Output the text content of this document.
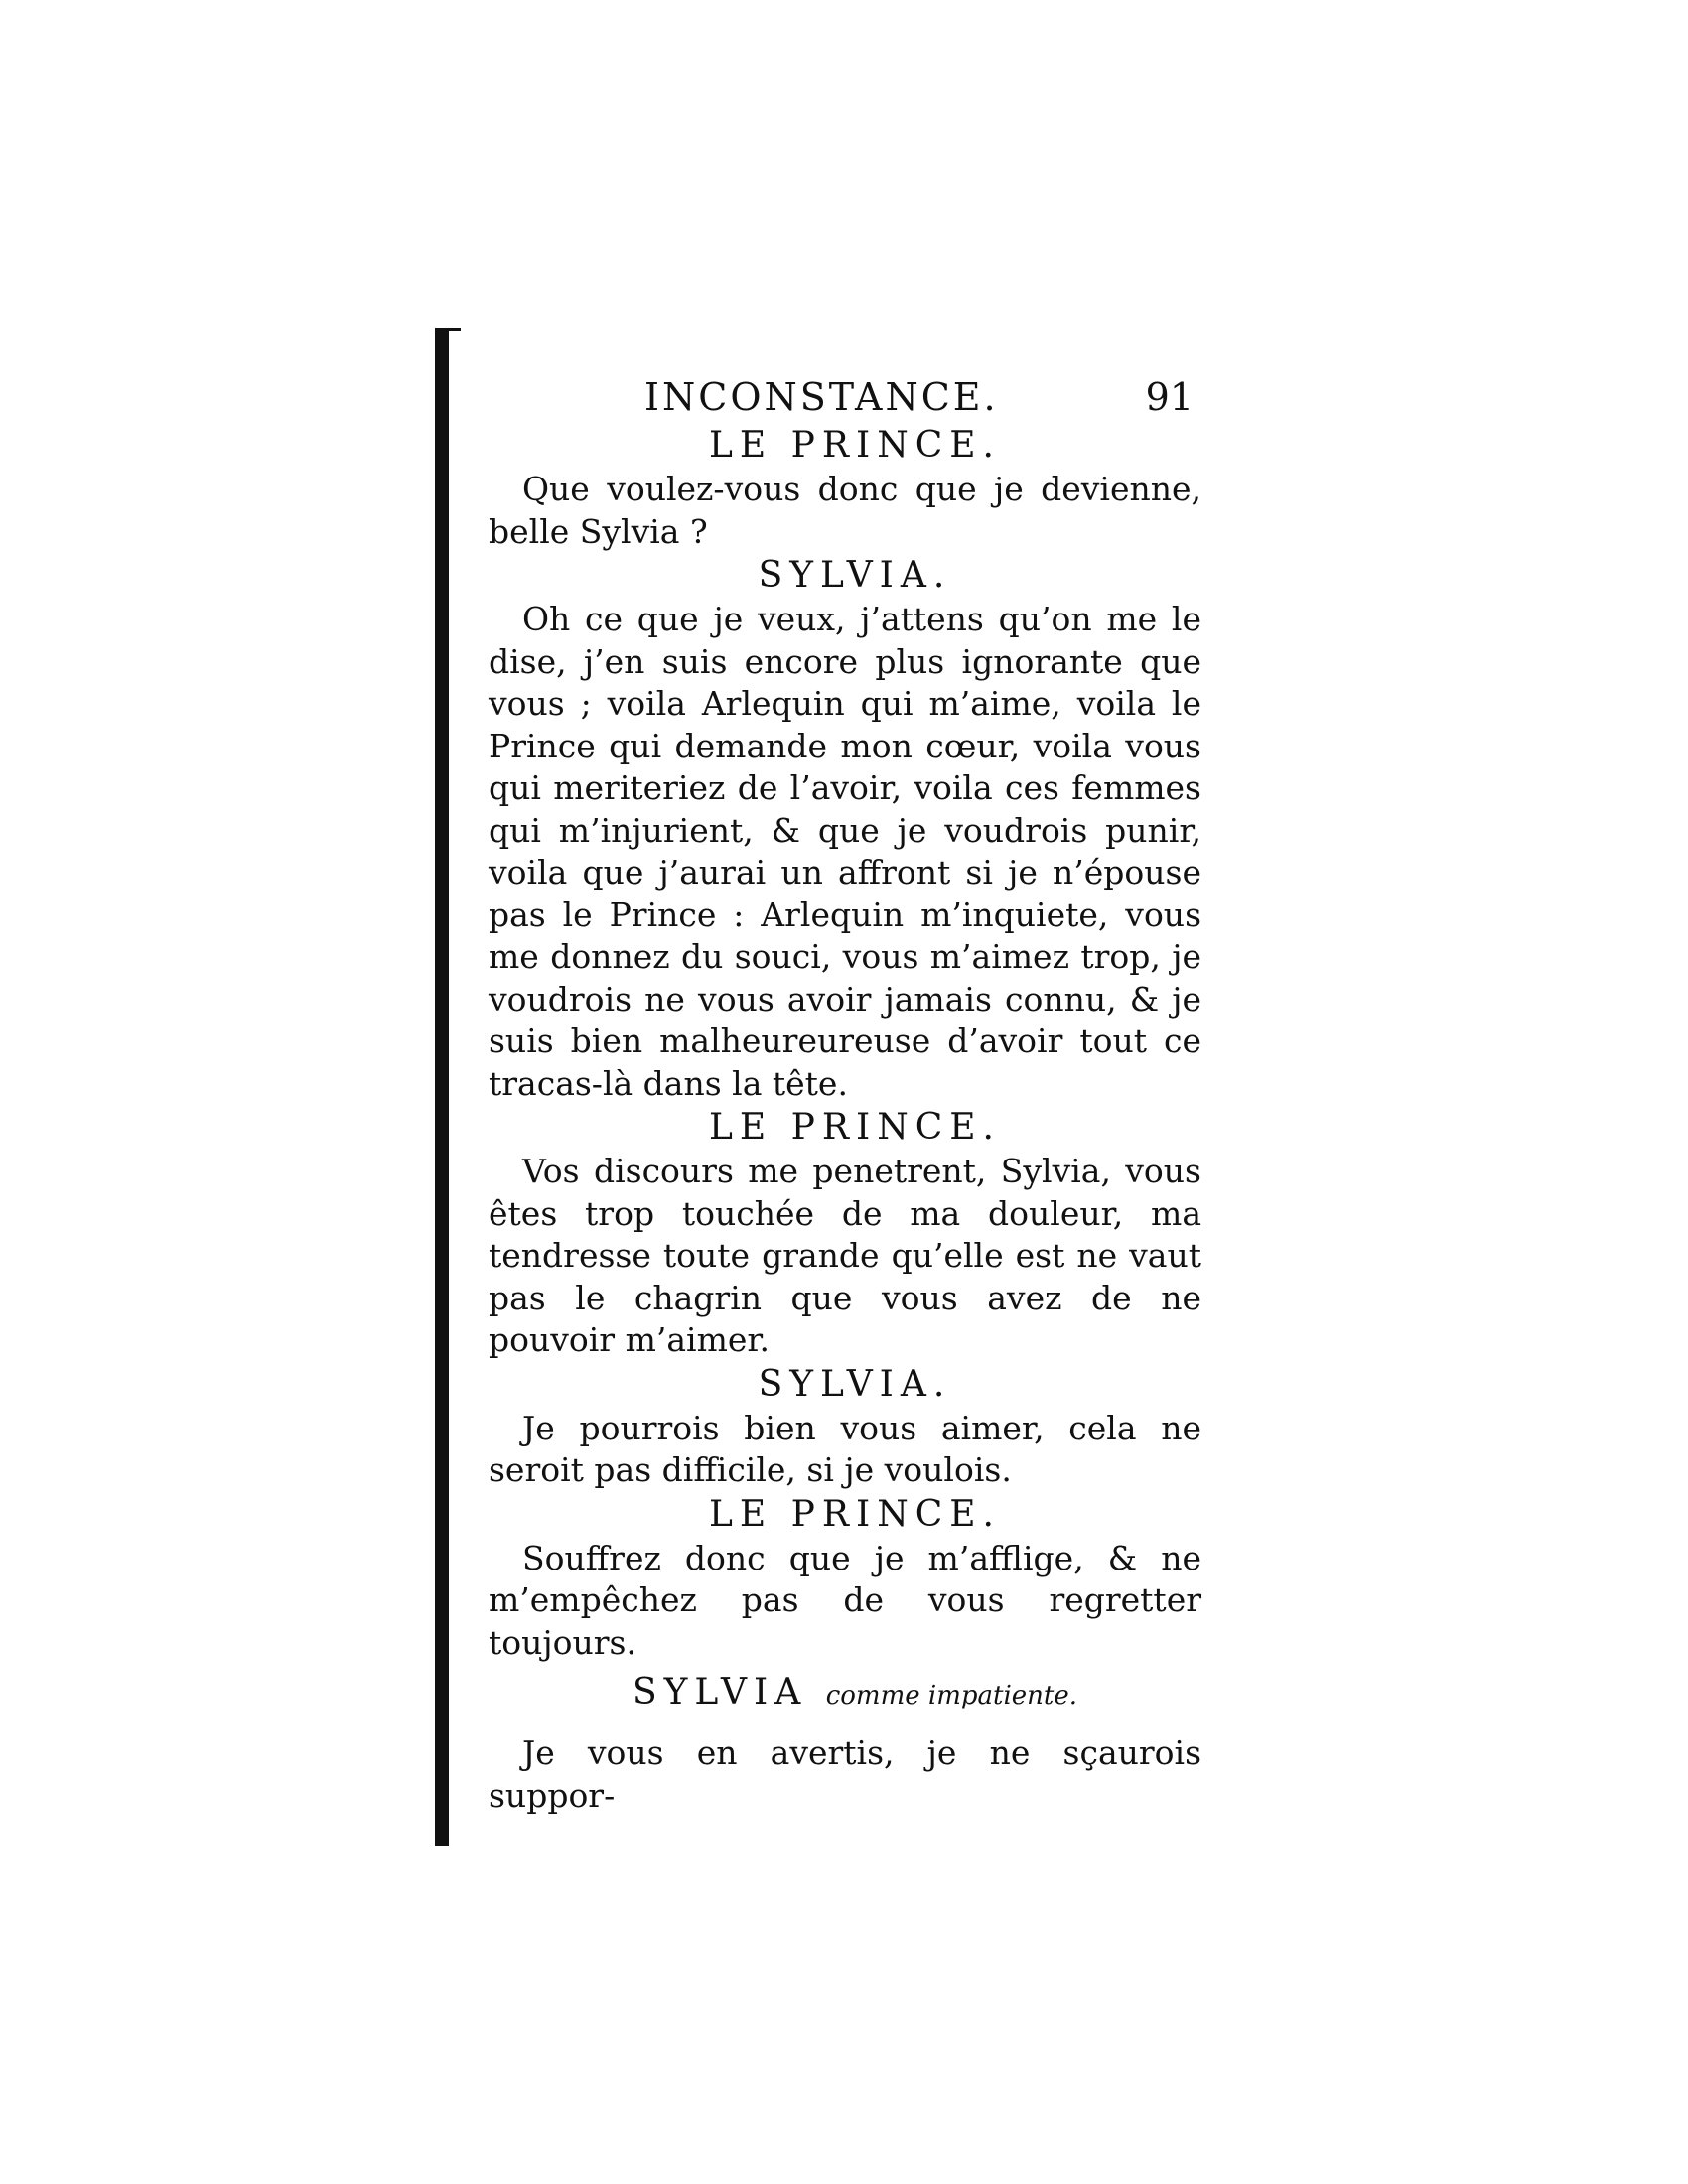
INCONSTANCE.	91
LE PRINCE.

Que voulez-vous donc que je devienne, belle Sylvia ?

SYLVIA.

Oh ce que je veux, j’attens qu’on me le dise, j’en suis encore plus ignorante que vous ; voila Arlequin qui m’aime, voila le Prince qui demande mon cœur, voila vous qui meriteriez de l’avoir, voila ces femmes qui m’injurient, & que je voudrois punir, voila que j’aurai un affront si je n’épouse pas le Prince : Arlequin m’inquiete, vous me donnez du souci, vous m’aimez trop, je voudrois ne vous avoir jamais connu, & je suis bien malheureureuse d’avoir tout ce tracas-là dans la tête.

LE PRINCE.

Vos discours me penetrent, Sylvia, vous êtes trop touchée de ma douleur, ma tendresse toute grande qu’elle est ne vaut pas le chagrin que vous avez de ne pouvoir m’aimer.

SYLVIA.

Je pourrois bien vous aimer, cela ne seroit pas difficile, si je voulois.

LE PRINCE.

Souffrez donc que je m’afflige, & ne m’empêchez pas de vous regretter toujours.

SYLVIA comme impatiente.

Je vous en avertis, je ne sçaurois suppor-
